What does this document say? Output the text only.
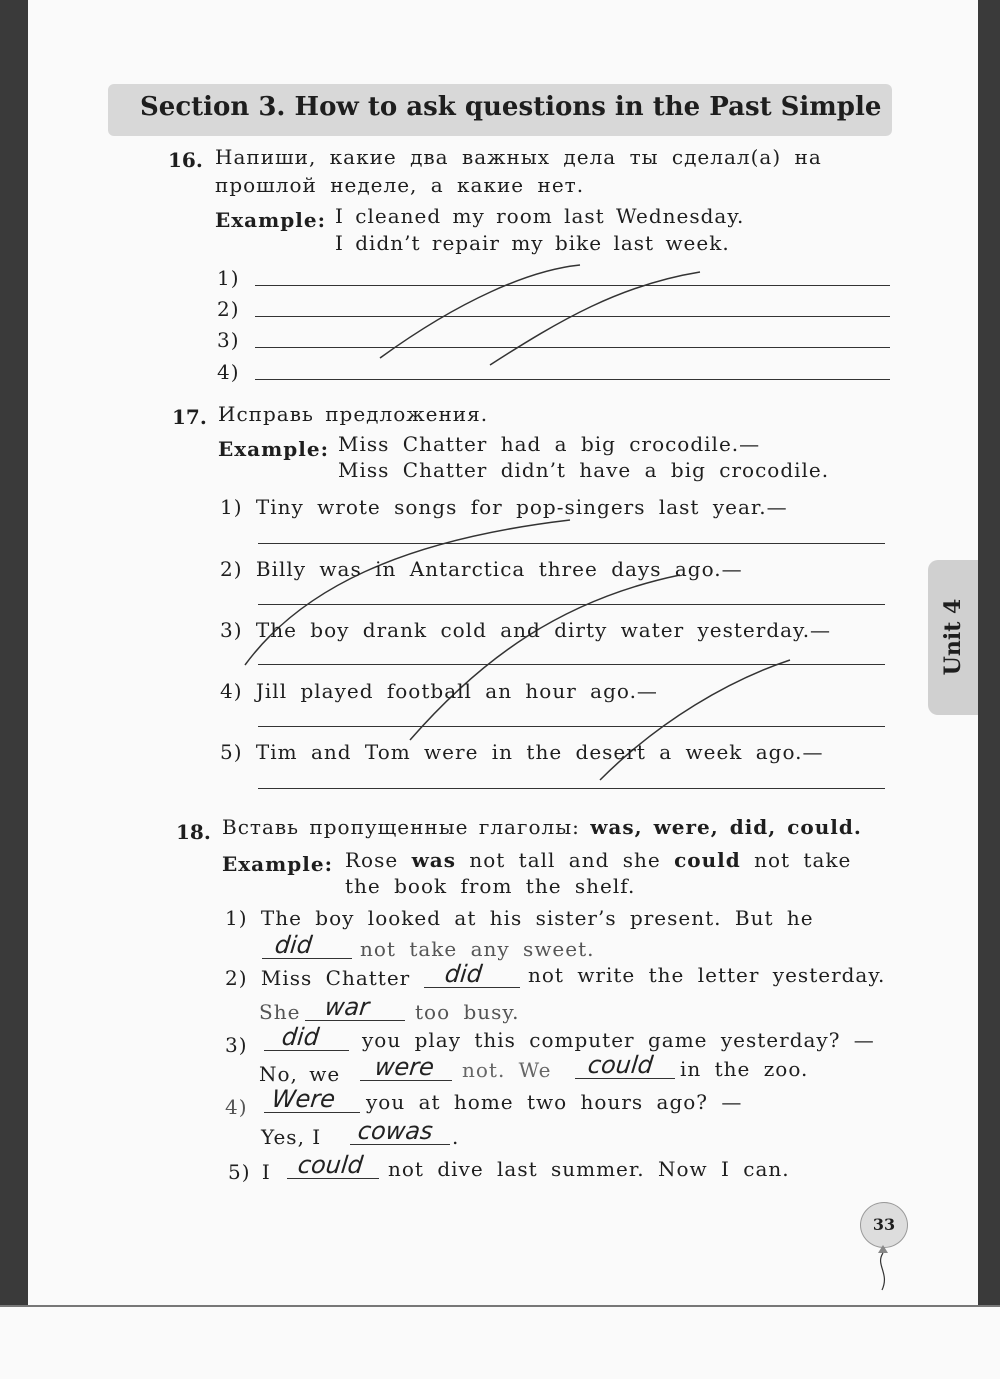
Section 3. How to ask questions in the Past Simple
16. Напиши, какие два важных дела ты сделал(а) на
прошлой неделе, а какие нет.
Example: I cleaned my room last Wednesday.
I didn’t repair my bike last week.
1)
2)
3)
4)
17. Исправь предложения.
Example: Miss Chatter had a big crocodile.—
Miss Chatter didn’t have a big crocodile.
1) Tiny wrote songs for pop-singers last year.—
2) Billy was in Antarctica three days ago.—
3) The boy drank cold and dirty water yesterday.—
4) Jill played football an hour ago.—
5) Tim and Tom were in the desert a week ago.—
18. Вставь пропущенные глаголы: was, were, did, could.
Example: Rose was not tall and she could not take
the book from the shelf.
1) The boy looked at his sister’s present. But he
did not take any sweet.
2) Miss Chatter did not write the letter yesterday.
She war too busy.
3) did you play this computer game yesterday? —
No, we were not. We could in the zoo.
4) Were you at home two hours ago? —
Yes, I cowas .
5) I could not dive last summer. Now I can.
Unit 4
33
